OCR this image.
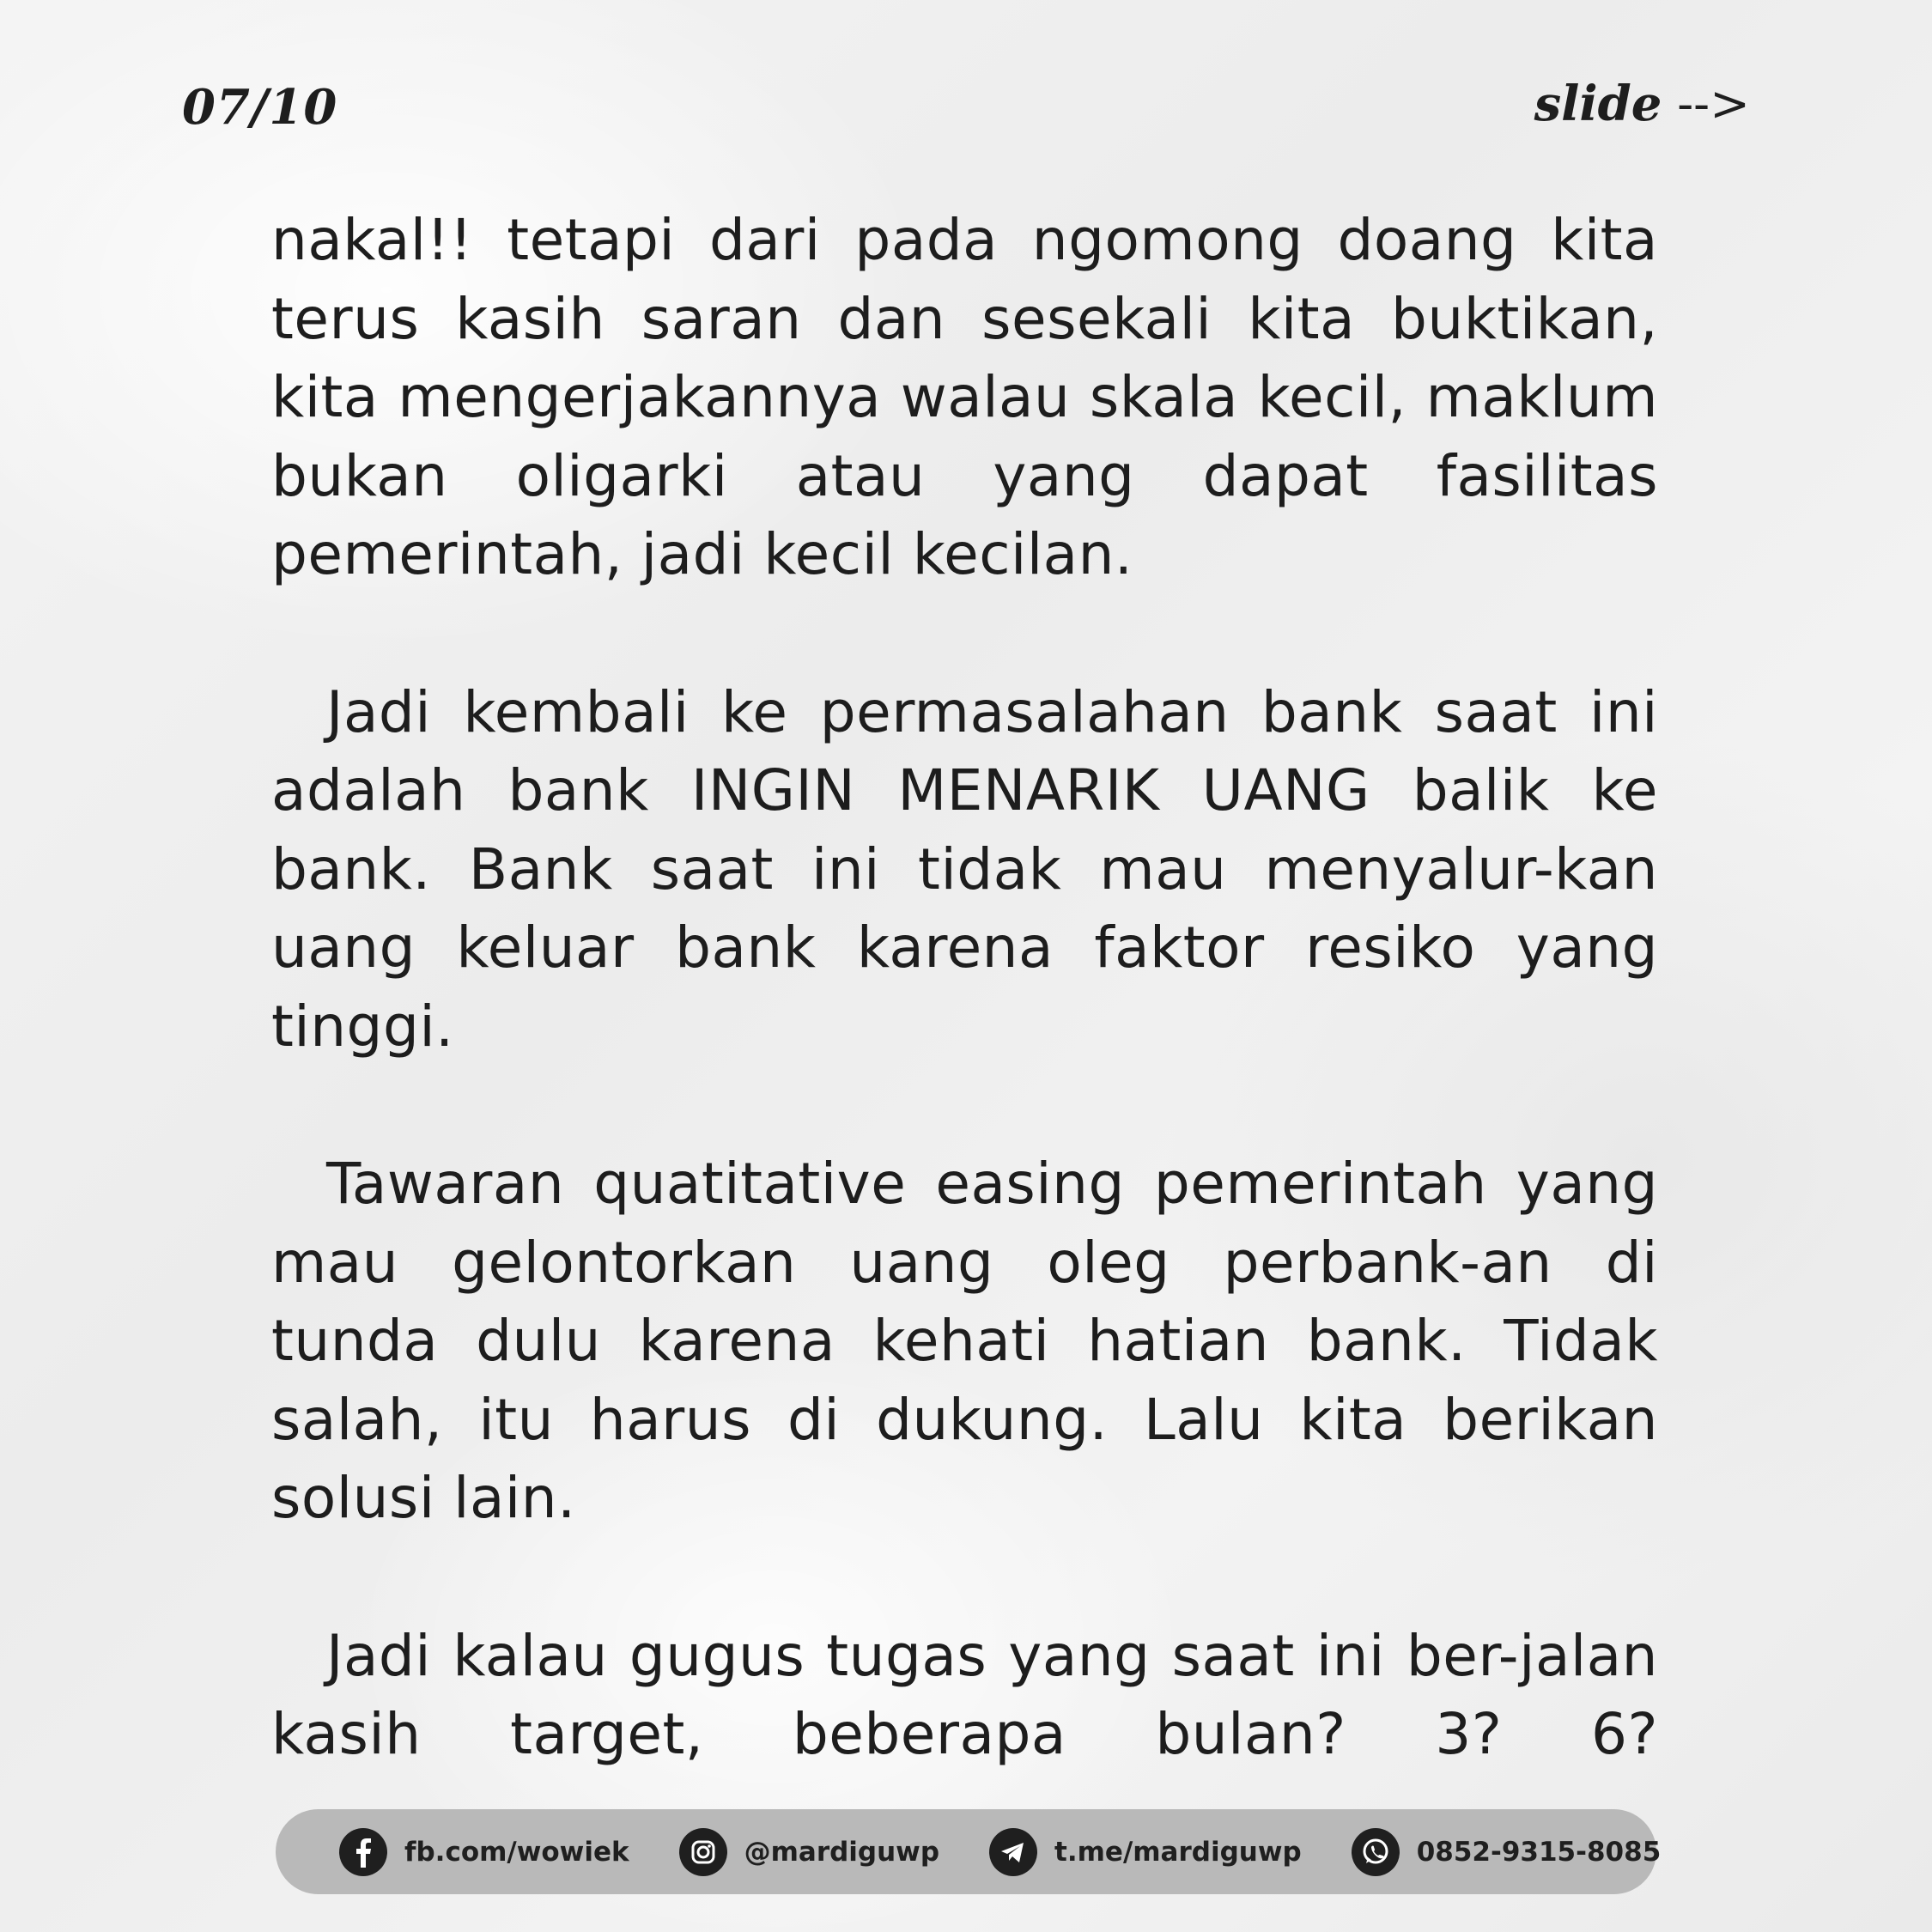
07/10	slide -->

nakal!! tetapi dari pada ngomong doang kita terus kasih saran dan sesekali kita buktikan, kita mengerjakannya walau skala kecil, maklum bukan oligarki atau yang dapat fasilitas pemerintah, jadi kecil kecilan.

Jadi kembali ke permasalahan bank saat ini adalah bank INGIN MENARIK UANG balik ke bank. Bank saat ini tidak mau menyalur-kan uang keluar bank karena faktor resiko yang tinggi.

Tawaran quatitative easing pemerintah yang mau gelontorkan uang oleg perbank-an di tunda dulu karena kehati hatian bank. Tidak salah, itu harus di dukung. Lalu kita berikan solusi lain.

Jadi kalau gugus tugas yang saat ini ber-jalan kasih target, beberapa bulan? 3? 6?

fb.com/wowiek	@mardiguwp	t.me/mardiguwp	0852-9315-8085
